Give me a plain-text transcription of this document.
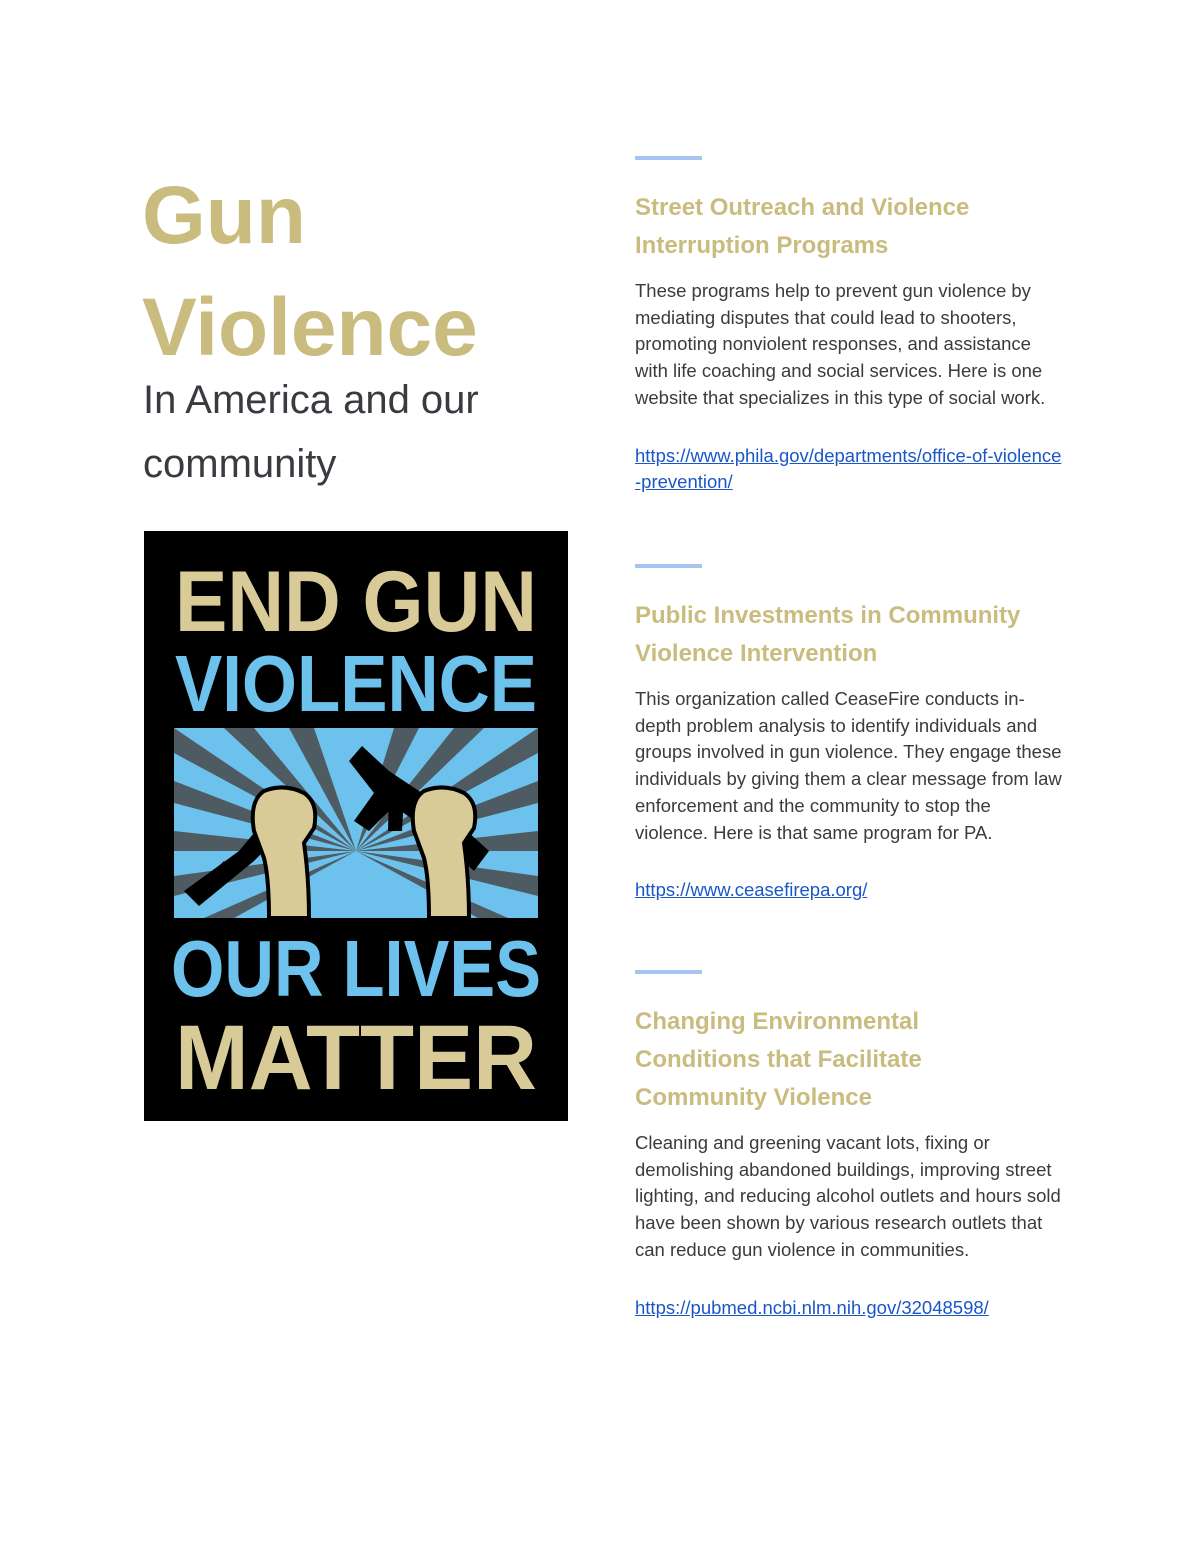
Gun
Violence

In America and our community

END GUN
VIOLENCE
OUR LIVES
MATTER
Street Outreach and Violence Interruption Programs

These programs help to prevent gun violence by mediating disputes that could lead to shooters, promoting nonviolent responses, and assistance with life coaching and social services. Here is one website that specializes in this type of social work.

https://www.phila.gov/departments/office-of-violence-prevention/
Public Investments in Community Violence Intervention

This organization called CeaseFire conducts in-depth problem analysis to identify individuals and groups involved in gun violence. They engage these individuals by giving them a clear message from law enforcement and the community to stop the violence. Here is that same program for PA.

https://www.ceasefirepa.org/
Changing Environmental Conditions that Facilitate Community Violence

Cleaning and greening vacant lots, fixing or demolishing abandoned buildings, improving street lighting, and reducing alcohol outlets and hours sold have been shown by various research outlets that can reduce gun violence in communities.

https://pubmed.ncbi.nlm.nih.gov/32048598/
